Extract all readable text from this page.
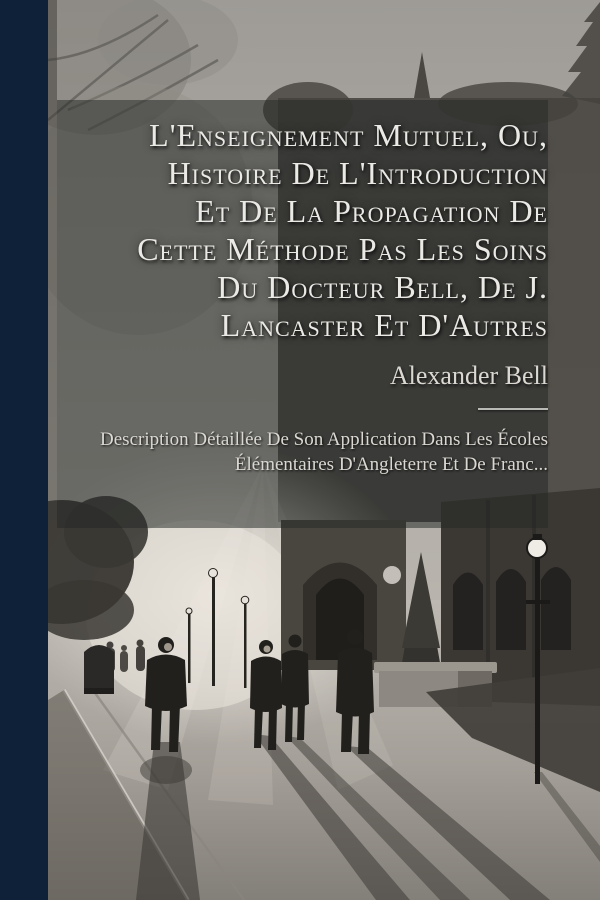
L'Enseignement Mutuel, Ou,
Histoire De L'Introduction
Et De La Propagation De
Cette Méthode Pas Les Soins
Du Docteur Bell, De J.
Lancaster Et D'Autres
Alexander Bell

Description Détaillée De Son Application Dans Les Écoles
Élémentaires D'Angleterre Et De Franc...
